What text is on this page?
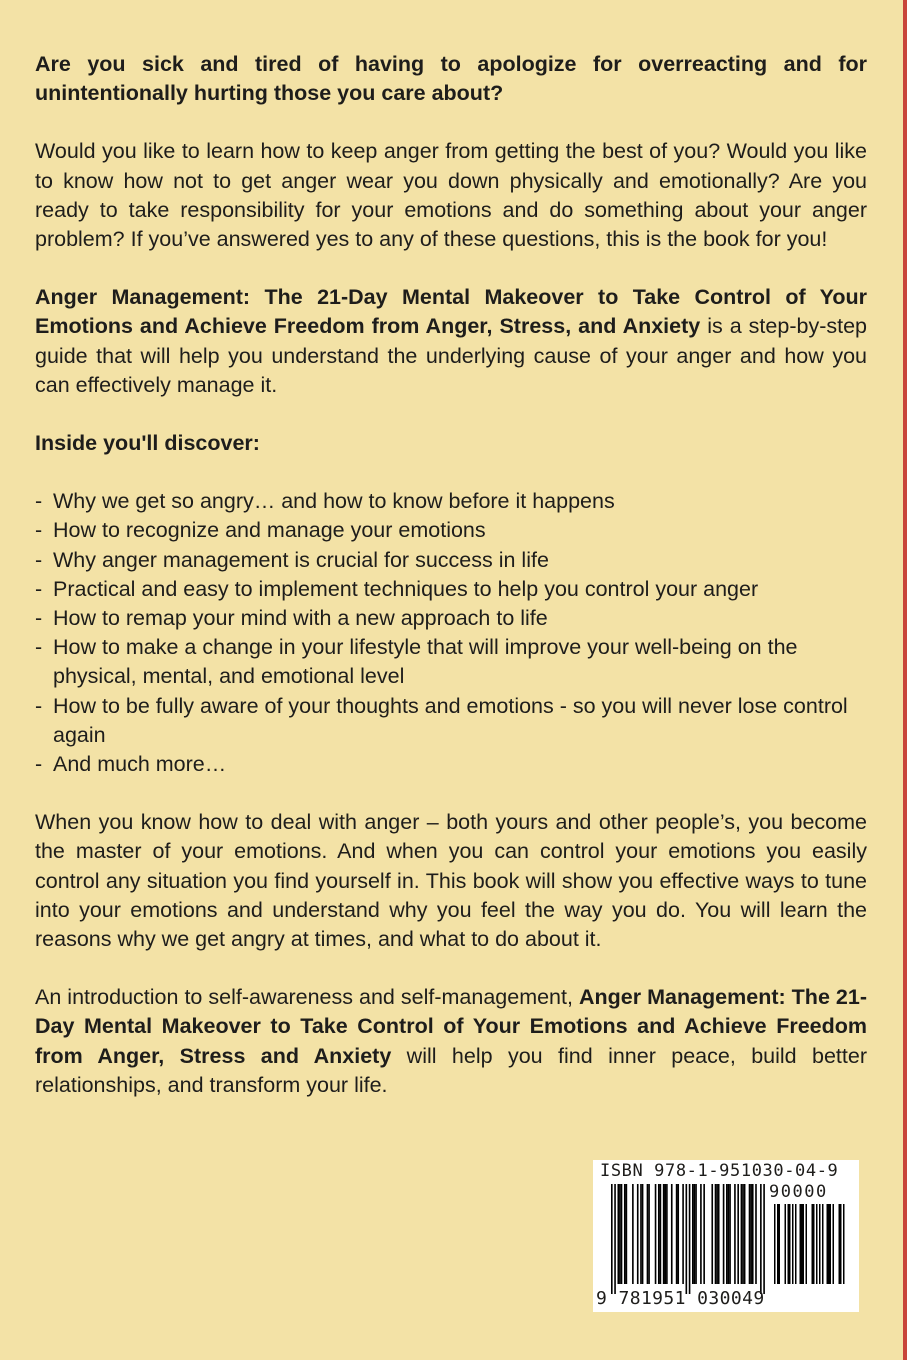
Are you sick and tired of having to apologize for overreacting and for unintentionally hurting those you care about?

Would you like to learn how to keep anger from getting the best of you? Would you like to know how not to get anger wear you down physically and emotionally? Are you ready to take responsibility for your emotions and do something about your anger problem? If you’ve answered yes to any of these questions, this is the book for you!

Anger Management: The 21-Day Mental Makeover to Take Control of Your Emotions and Achieve Freedom from Anger, Stress, and Anxiety is a step-by-step guide that will help you understand the underlying cause of your anger and how you can effectively manage it.

Inside you'll discover:
- Why we get so angry… and how to know before it happens
- How to recognize and manage your emotions
- Why anger management is crucial for success in life
- Practical and easy to implement techniques to help you control your anger
- How to remap your mind with a new approach to life
- How to make a change in your lifestyle that will improve your well-being on the physical, mental, and emotional level
- How to be fully aware of your thoughts and emotions - so you will never lose control again
- And much more…

When you know how to deal with anger – both yours and other people’s, you become the master of your emotions. And when you can control your emotions you easily control any situation you find yourself in. This book will show you effective ways to tune into your emotions and understand why you feel the way you do. You will learn the reasons why we get angry at times, and what to do about it.

An introduction to self-awareness and self-management, Anger Management: The 21-Day Mental Makeover to Take Control of Your Emotions and Achieve Freedom from Anger, Stress and Anxiety will help you find inner peace, build better relationships, and transform your life.

ISBN 978-1-951030-04-9
90000
9 781951 030049
